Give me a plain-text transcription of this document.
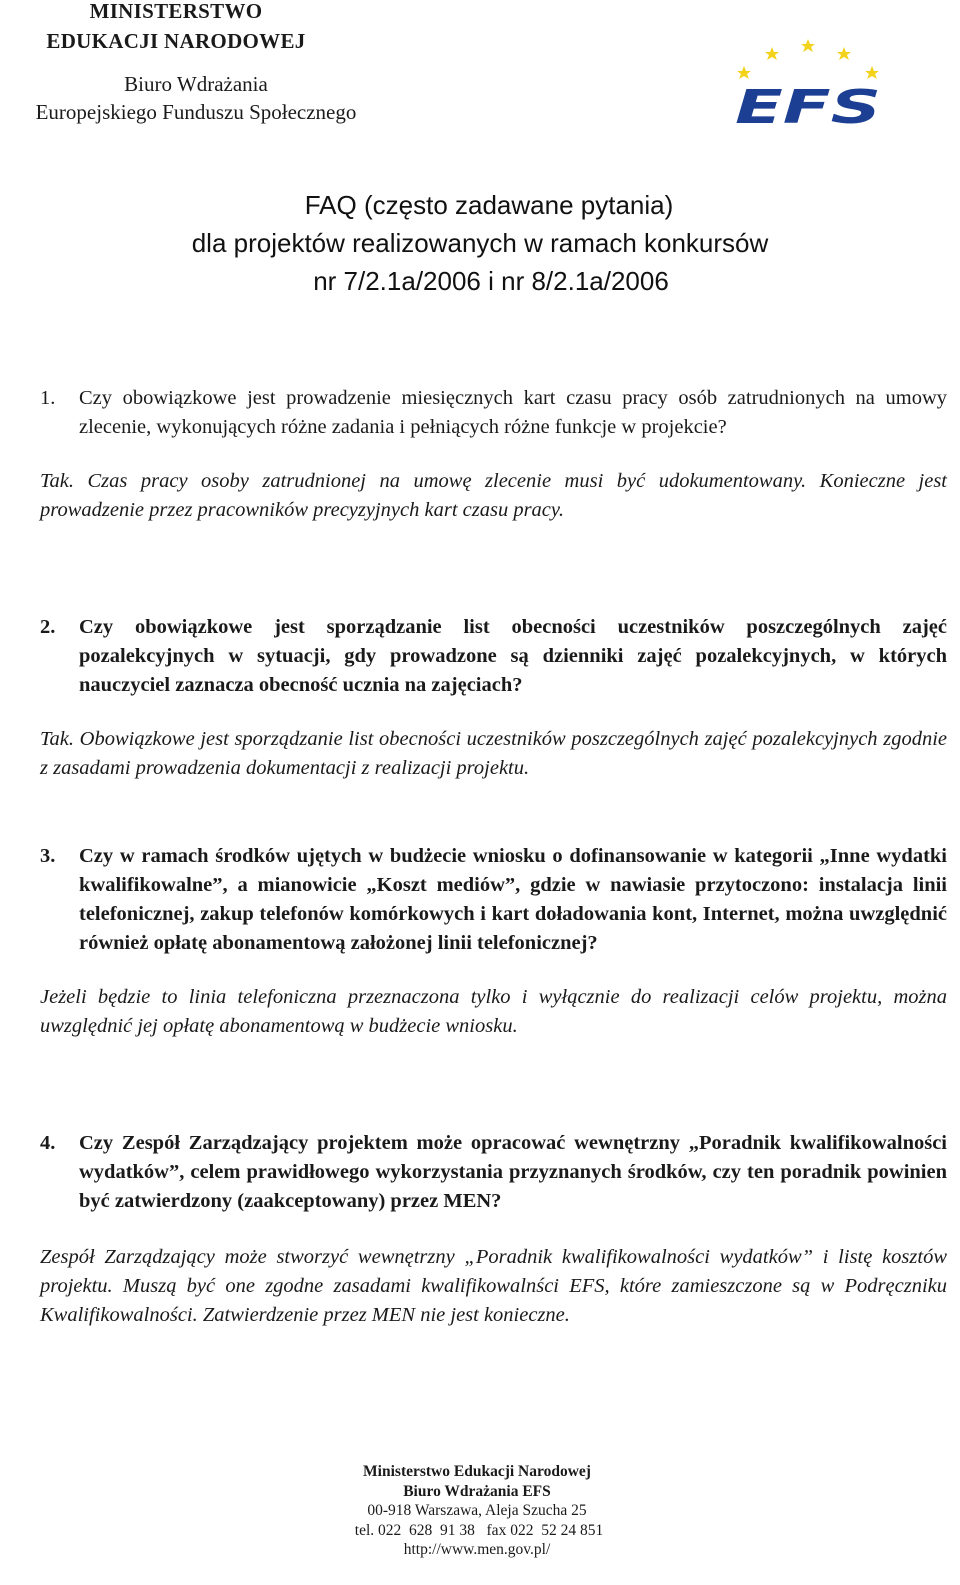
MINISTERSTWO
EDUKACJI NARODOWEJ
Biuro Wdrażania
Europejskiego Funduszu Społecznego	EFS
FAQ (często zadawane pytania)
dla projektów realizowanych w ramach konkursów
nr 7/2.1a/2006 i nr 8/2.1a/2006
1. Czy obowiązkowe jest prowadzenie miesięcznych kart czasu pracy osób zatrudnionych na umowy zlecenie, wykonujących różne zadania i pełniących różne funkcje w projekcie?
Tak. Czas pracy osoby zatrudnionej na umowę zlecenie musi być udokumentowany. Konieczne jest prowadzenie przez pracowników precyzyjnych kart czasu pracy.
2. Czy obowiązkowe jest sporządzanie list obecności uczestników poszczególnych zajęć pozalekcyjnych w sytuacji, gdy prowadzone są dzienniki zajęć pozalekcyjnych, w których nauczyciel zaznacza obecność ucznia na zajęciach?
Tak. Obowiązkowe jest sporządzanie list obecności uczestników poszczególnych zajęć pozalekcyjnych zgodnie z zasadami prowadzenia dokumentacji z realizacji projektu.
3. Czy w ramach środków ujętych w budżecie wniosku o dofinansowanie w kategorii „Inne wydatki kwalifikowalne”, a mianowicie „Koszt mediów”, gdzie w nawiasie przytoczono: instalacja linii telefonicznej, zakup telefonów komórkowych i kart doładowania kont, Internet, można uwzględnić również opłatę abonamentową założonej linii telefonicznej?
Jeżeli będzie to linia telefoniczna przeznaczona tylko i wyłącznie do realizacji celów projektu, można uwzględnić jej opłatę abonamentową w budżecie wniosku.
4. Czy Zespół Zarządzający projektem może opracować wewnętrzny „Poradnik kwalifikowalności wydatków”, celem prawidłowego wykorzystania przyznanych środków, czy ten poradnik powinien być zatwierdzony (zaakceptowany) przez MEN?
Zespół Zarządzający może stworzyć wewnętrzny „Poradnik kwalifikowalności wydatków” i listę kosztów projektu. Muszą być one zgodne zasadami kwalifikowalnści EFS, które zamieszczone są w Podręczniku Kwalifikowalności. Zatwierdzenie przez MEN nie jest konieczne.
Ministerstwo Edukacji Narodowej
Biuro Wdrażania EFS
00-918 Warszawa, Aleja Szucha 25
tel. 022  628  91 38   fax 022  52 24 851
http://www.men.gov.pl/
